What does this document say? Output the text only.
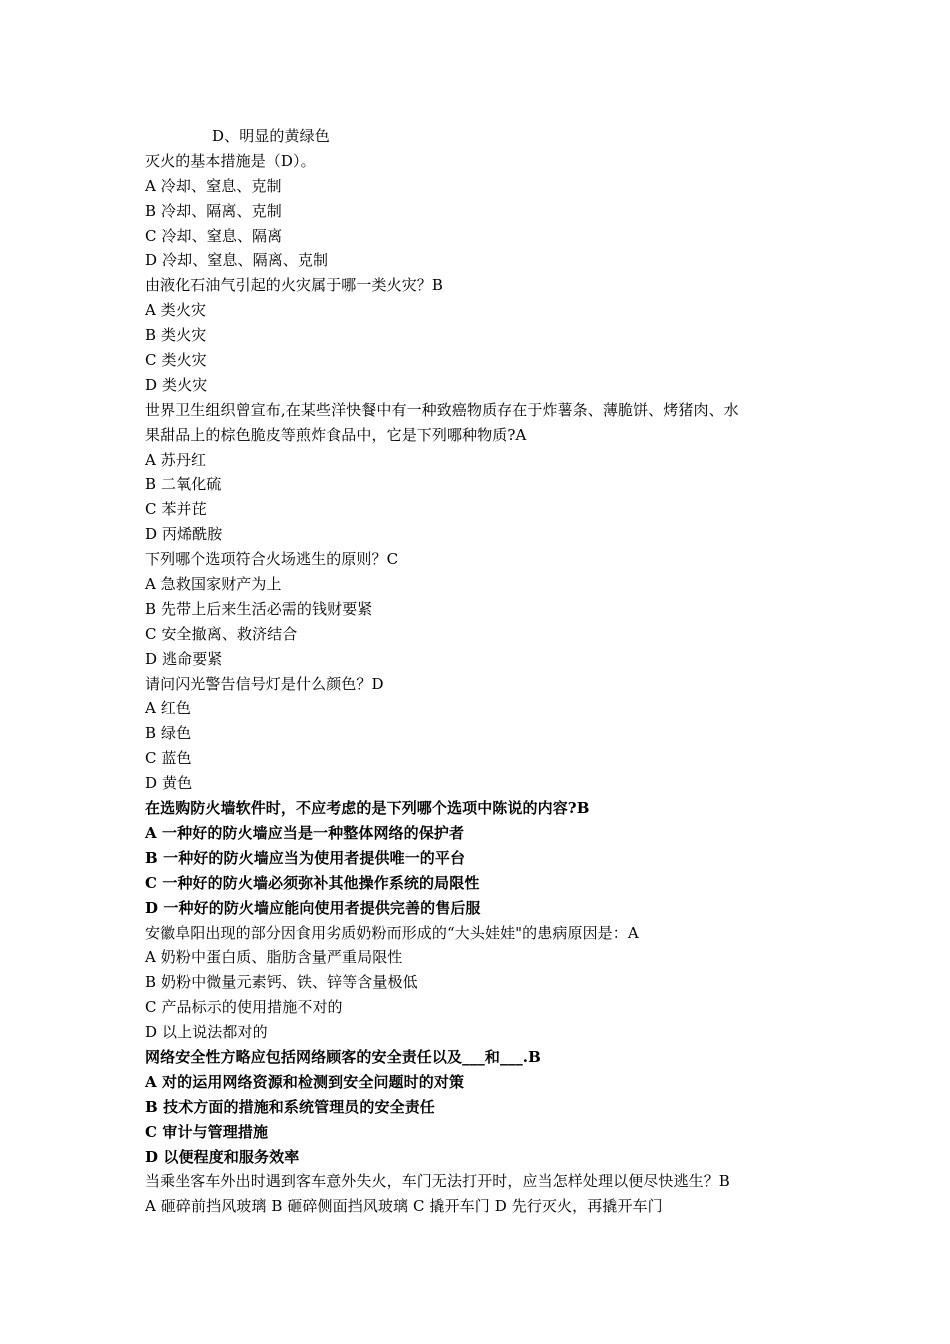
D、明显的黄绿色
灭火的基本措施是（D）。
A 冷却、窒息、克制
B 冷却、隔离、克制
C 冷却、窒息、隔离
D 冷却、窒息、隔离、克制
由液化石油气引起的火灾属于哪一类火灾？B
A 类火灾
B 类火灾
C 类火灾
D 类火灾
世界卫生组织曾宣布,在某些洋快餐中有一种致癌物质存在于炸薯条、薄脆饼、烤猪肉、水
果甜品上的棕色脆皮等煎炸食品中，它是下列哪种物质?A
A 苏丹红
B 二氧化硫
C 苯并芘
D 丙烯酰胺
下列哪个选项符合火场逃生的原则？C
A 急救国家财产为上
B 先带上后来生活必需的钱财要紧
C 安全撤离、救济结合
D 逃命要紧
请问闪光警告信号灯是什么颜色？D
A 红色
B 绿色
C 蓝色
D 黄色
在选购防火墙软件时，不应考虑的是下列哪个选项中陈说的内容?B
A 一种好的防火墙应当是一种整体网络的保护者
B 一种好的防火墙应当为使用者提供唯一的平台
C 一种好的防火墙必须弥补其他操作系统的局限性
D 一种好的防火墙应能向使用者提供完善的售后服
安徽阜阳出现的部分因食用劣质奶粉而形成的“大头娃娃"的患病原因是：A
A 奶粉中蛋白质、脂肪含量严重局限性
B 奶粉中微量元素钙、铁、锌等含量极低
C 产品标示的使用措施不对的
D 以上说法都对的
网络安全性方略应包括网络顾客的安全责任以及___和___.B
A 对的运用网络资源和检测到安全问题时的对策
B 技术方面的措施和系统管理员的安全责任
C 审计与管理措施
D 以便程度和服务效率
当乘坐客车外出时遇到客车意外失火，车门无法打开时，应当怎样处理以便尽快逃生？B
A 砸碎前挡风玻璃 B 砸碎侧面挡风玻璃 C 撬开车门 D 先行灭火，再撬开车门
